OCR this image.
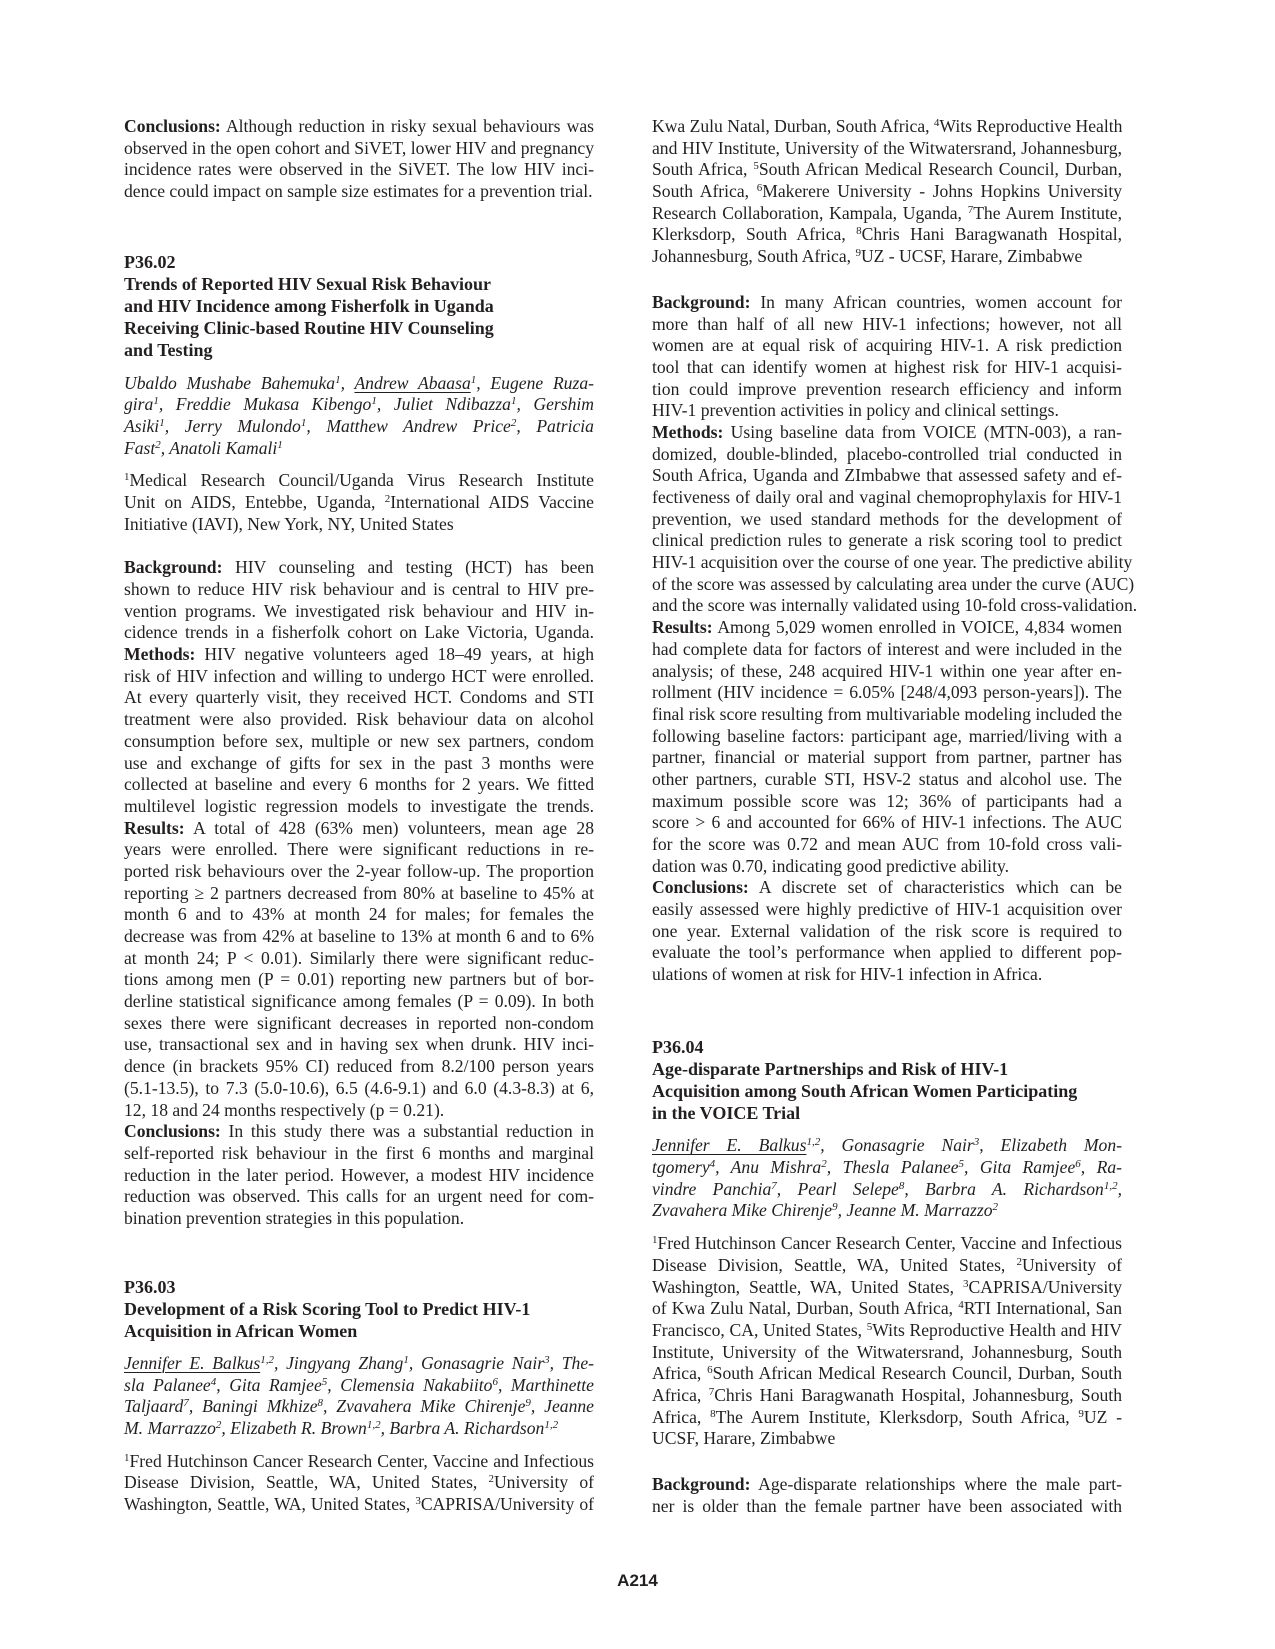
Conclusions: Although reduction in risky sexual behaviours was
observed in the open cohort and SiVET, lower HIV and pregnancy
incidence rates were observed in the SiVET. The low HIV inci-
dence could impact on sample size estimates for a prevention trial.
P36.02
Trends of Reported HIV Sexual Risk Behaviour
and HIV Incidence among Fisherfolk in Uganda
Receiving Clinic-based Routine HIV Counseling
and Testing
Ubaldo Mushabe Bahemuka$^1$, Andrew Abaasa$^1$, Eugene Ruza-
gira$^1$, Freddie Mukasa Kibengo$^1$, Juliet Ndibazza$^1$, Gershim
Asiki$^1$, Jerry Mulondo$^1$, Matthew Andrew Price$^2$, Patricia
Fast$^2$, Anatoli Kamali$^1$
$^1$Medical Research Council/Uganda Virus Research Institute
Unit on AIDS, Entebbe, Uganda, $^2$International AIDS Vaccine
Initiative (IAVI), New York, NY, United States
Background: HIV counseling and testing (HCT) has been
shown to reduce HIV risk behaviour and is central to HIV pre-
vention programs. We investigated risk behaviour and HIV in-
cidence trends in a fisherfolk cohort on Lake Victoria, Uganda.
Methods: HIV negative volunteers aged 18–49 years, at high
risk of HIV infection and willing to undergo HCT were enrolled.
At every quarterly visit, they received HCT. Condoms and STI
treatment were also provided. Risk behaviour data on alcohol
consumption before sex, multiple or new sex partners, condom
use and exchange of gifts for sex in the past 3 months were
collected at baseline and every 6 months for 2 years. We fitted
multilevel logistic regression models to investigate the trends.
Results: A total of 428 (63% men) volunteers, mean age 28
years were enrolled. There were significant reductions in re-
ported risk behaviours over the 2-year follow-up. The proportion
reporting ≥ 2 partners decreased from 80% at baseline to 45% at
month 6 and to 43% at month 24 for males; for females the
decrease was from 42% at baseline to 13% at month 6 and to 6%
at month 24; P < 0.01). Similarly there were significant reduc-
tions among men (P = 0.01) reporting new partners but of bor-
derline statistical significance among females (P = 0.09). In both
sexes there were significant decreases in reported non-condom
use, transactional sex and in having sex when drunk. HIV inci-
dence (in brackets 95% CI) reduced from 8.2/100 person years
(5.1-13.5), to 7.3 (5.0-10.6), 6.5 (4.6-9.1) and 6.0 (4.3-8.3) at 6,
12, 18 and 24 months respectively (p = 0.21).
Conclusions: In this study there was a substantial reduction in
self-reported risk behaviour in the first 6 months and marginal
reduction in the later period. However, a modest HIV incidence
reduction was observed. This calls for an urgent need for com-
bination prevention strategies in this population.
P36.03
Development of a Risk Scoring Tool to Predict HIV-1
Acquisition in African Women
Jennifer E. Balkus$^{1,2}$, Jingyang Zhang$^1$, Gonasagrie Nair$^3$, The-
sla Palanee$^4$, Gita Ramjee$^5$, Clemensia Nakabiito$^6$, Marthinette
Taljaard$^7$, Baningi Mkhize$^8$, Zvavahera Mike Chirenje$^9$, Jeanne
M. Marrazzo$^2$, Elizabeth R. Brown$^{1,2}$, Barbra A. Richardson$^{1,2}$
$^1$Fred Hutchinson Cancer Research Center, Vaccine and Infectious
Disease Division, Seattle, WA, United States, $^2$University of
Washington, Seattle, WA, United States, $^3$CAPRISA/University of
Kwa Zulu Natal, Durban, South Africa, $^4$Wits Reproductive Health
and HIV Institute, University of the Witwatersrand, Johannesburg,
South Africa, $^5$South African Medical Research Council, Durban,
South Africa, $^6$Makerere University - Johns Hopkins University
Research Collaboration, Kampala, Uganda, $^7$The Aurem Institute,
Klerksdorp, South Africa, $^8$Chris Hani Baragwanath Hospital,
Johannesburg, South Africa, $^9$UZ - UCSF, Harare, Zimbabwe
Background: In many African countries, women account for
more than half of all new HIV-1 infections; however, not all
women are at equal risk of acquiring HIV-1. A risk prediction
tool that can identify women at highest risk for HIV-1 acquisi-
tion could improve prevention research efficiency and inform
HIV-1 prevention activities in policy and clinical settings.
Methods: Using baseline data from VOICE (MTN-003), a ran-
domized, double-blinded, placebo-controlled trial conducted in
South Africa, Uganda and ZImbabwe that assessed safety and ef-
fectiveness of daily oral and vaginal chemoprophylaxis for HIV-1
prevention, we used standard methods for the development of
clinical prediction rules to generate a risk scoring tool to predict
HIV-1 acquisition over the course of one year. The predictive ability
of the score was assessed by calculating area under the curve (AUC)
and the score was internally validated using 10-fold cross-validation.
Results: Among 5,029 women enrolled in VOICE, 4,834 women
had complete data for factors of interest and were included in the
analysis; of these, 248 acquired HIV-1 within one year after en-
rollment (HIV incidence = 6.05% [248/4,093 person-years]). The
final risk score resulting from multivariable modeling included the
following baseline factors: participant age, married/living with a
partner, financial or material support from partner, partner has
other partners, curable STI, HSV-2 status and alcohol use. The
maximum possible score was 12; 36% of participants had a
score > 6 and accounted for 66% of HIV-1 infections. The AUC
for the score was 0.72 and mean AUC from 10-fold cross vali-
dation was 0.70, indicating good predictive ability.
Conclusions: A discrete set of characteristics which can be
easily assessed were highly predictive of HIV-1 acquisition over
one year. External validation of the risk score is required to
evaluate the tool’s performance when applied to different pop-
ulations of women at risk for HIV-1 infection in Africa.
P36.04
Age-disparate Partnerships and Risk of HIV-1
Acquisition among South African Women Participating
in the VOICE Trial
Jennifer E. Balkus$^{1,2}$, Gonasagrie Nair$^3$, Elizabeth Mon-
tgomery$^4$, Anu Mishra$^2$, Thesla Palanee$^5$, Gita Ramjee$^6$, Ra-
vindre Panchia$^7$, Pearl Selepe$^8$, Barbra A. Richardson$^{1,2}$,
Zvavahera Mike Chirenje$^9$, Jeanne M. Marrazzo$^2$
$^1$Fred Hutchinson Cancer Research Center, Vaccine and Infectious
Disease Division, Seattle, WA, United States, $^2$University of
Washington, Seattle, WA, United States, $^3$CAPRISA/University
of Kwa Zulu Natal, Durban, South Africa, $^4$RTI International, San
Francisco, CA, United States, $^5$Wits Reproductive Health and HIV
Institute, University of the Witwatersrand, Johannesburg, South
Africa, $^6$South African Medical Research Council, Durban, South
Africa, $^7$Chris Hani Baragwanath Hospital, Johannesburg, South
Africa, $^8$The Aurem Institute, Klerksdorp, South Africa, $^9$UZ -
UCSF, Harare, Zimbabwe
Background: Age-disparate relationships where the male part-
ner is older than the female partner have been associated with
A214
